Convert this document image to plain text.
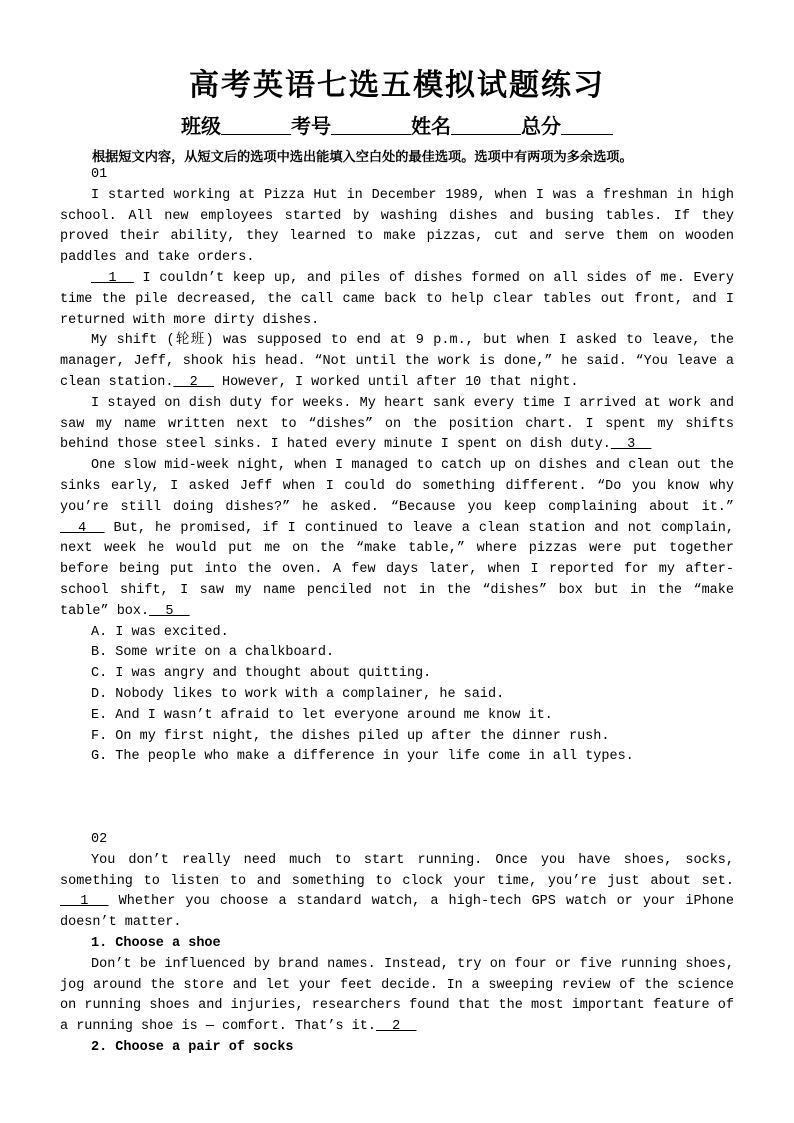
高考英语七选五模拟试题练习
班级	考号	姓名	总分
根据短文内容，从短文后的选项中选出能填入空白处的最佳选项。选项中有两项为多余选项。

01

I started working at Pizza Hut in December 1989, when I was a freshman in high school. All new employees started by washing dishes and busing tables. If they proved their ability, they learned to make pizzas, cut and serve them on wooden paddles and take orders.

1   I couldn’t keep up, and piles of dishes formed on all sides of me. Every time the pile decreased, the call came back to help clear tables out front, and I returned with more dirty dishes.

My shift (轮班) was supposed to end at 9 p.m., but when I asked to leave, the manager, Jeff, shook his head. “Not until the work is done,” he said. “You leave a clean station.  2   However, I worked until after 10 that night.

I stayed on dish duty for weeks. My heart sank every time I arrived at work and saw my name written next to “dishes” on the position chart. I spent my shifts behind those steel sinks. I hated every minute I spent on dish duty.  3

One slow mid-week night, when I managed to catch up on dishes and clean out the sinks early, I asked Jeff when I could do something different. “Do you know why you’re still doing dishes?” he asked. “Because you keep complaining about it.”   4   But, he promised, if I continued to leave a clean station and not complain, next week he would put me on the “make table,” where pizzas were put together before being put into the oven. A few days later, when I reported for my after-school shift, I saw my name penciled not in the “dishes” box but in the “make table” box.  5

A. I was excited.

B. Some write on a chalkboard.

C. I was angry and thought about quitting.

D. Nobody likes to work with a complainer, he said.

E. And I wasn’t afraid to let everyone around me know it.

F. On my first night, the dishes piled up after the dinner rush.

G. The people who make a difference in your life come in all types.

02

You don’t really need much to start running. Once you have shoes, socks, something to listen to and something to clock your time, you’re just about set.  1   Whether you choose a standard watch, a high-tech GPS watch or your iPhone doesn’t matter.

1. Choose a shoe

Don’t be influenced by brand names. Instead, try on four or five running shoes, jog around the store and let your feet decide. In a sweeping review of the science on running shoes and injuries, researchers found that the most important feature of a running shoe is — comfort. That’s it.  2

2. Choose a pair of socks
